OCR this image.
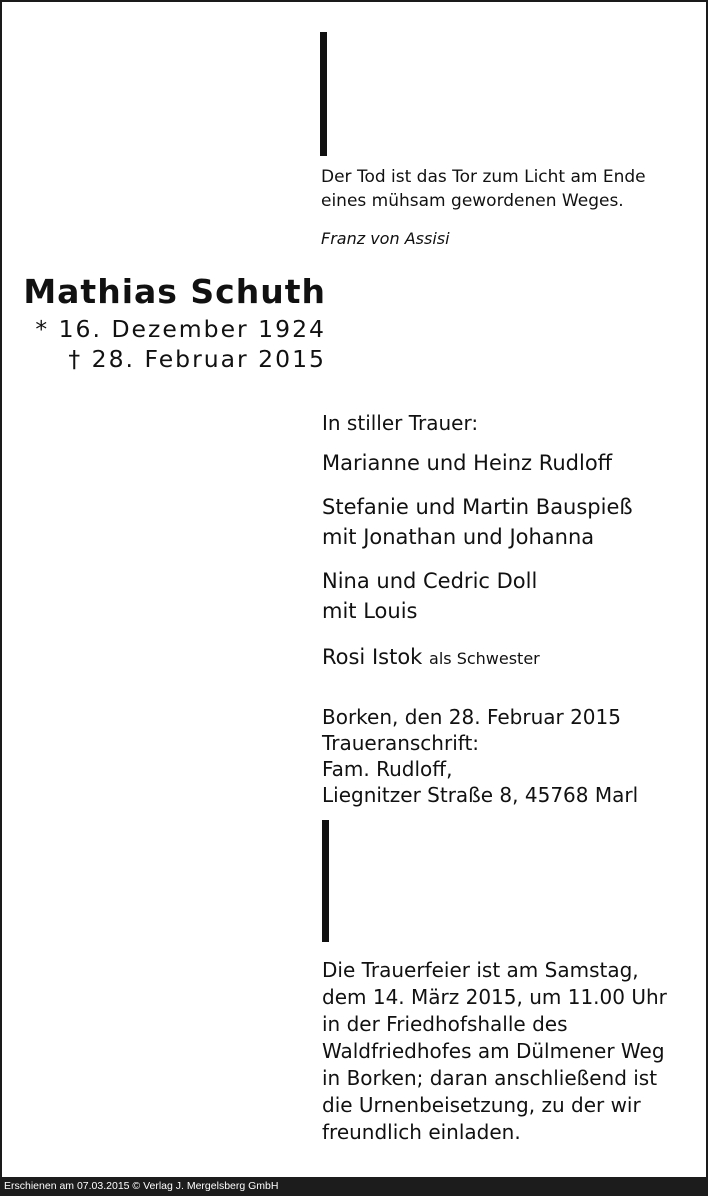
Der Tod ist das Tor zum Licht am Ende
eines mühsam gewordenen Weges.
Franz von Assisi
Mathias Schuth
* 16. Dezember 1924
† 28. Februar 2015
In stiller Trauer:
Marianne und Heinz Rudloff
Stefanie und Martin Bauspieß
mit Jonathan und Johanna
Nina und Cedric Doll
mit Louis
Rosi Istok als Schwester
Borken, den 28. Februar 2015
Traueranschrift:
Fam. Rudloff,
Liegnitzer Straße 8, 45768 Marl
Die Trauerfeier ist am Samstag,
dem 14. März 2015, um 11.00 Uhr
in der Friedhofshalle des
Waldfriedhofes am Dülmener Weg
in Borken; daran anschließend ist
die Urnenbeisetzung, zu der wir
freundlich einladen.
Erschienen am 07.03.2015 © Verlag J. Mergelsberg GmbH
